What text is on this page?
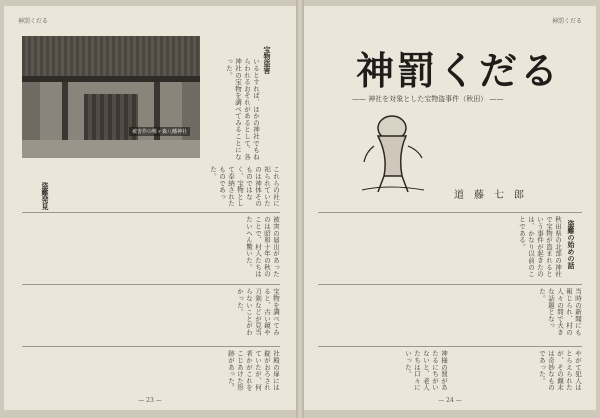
神罰くだる
被害作の喉ヶ森八幡神社
宝物盗害
いるとすれば、ほかの神社でもねらわれるおそれがあるとして、各神社の宝物を調べてみることになった。
これらの社に祀られていたのは神体そのものではなく、宝物として奉納されたものであった。
盗難発見
被害の届出があったのは昭和十年の秋のことで、村人たちはたいへん驚いた。
宝物を調べてみると、古い鏡や刀剣などが見当らないことがわかった。
社殿の扉には錠がおろされていたが、何者かがこれをこじあけた形跡があった。
— 23 —
神罰くだる
神罰くだる
—— 神社を対象とした宝物盗事件（秋田） ——
道藤七郎
盗難の始めの話
秋田県の北部の神社で宝物が盗まれるという事件が起きたのは、かなり以前のことである。
当時の新聞にも報じられ、村の人々の間で大きな話題となった。
神様の罰があたるにちがいないと、老人たちは口々にいった。	やがて犯人はとらえられたが、その顛末は奇妙なものであった。
— 24 —
